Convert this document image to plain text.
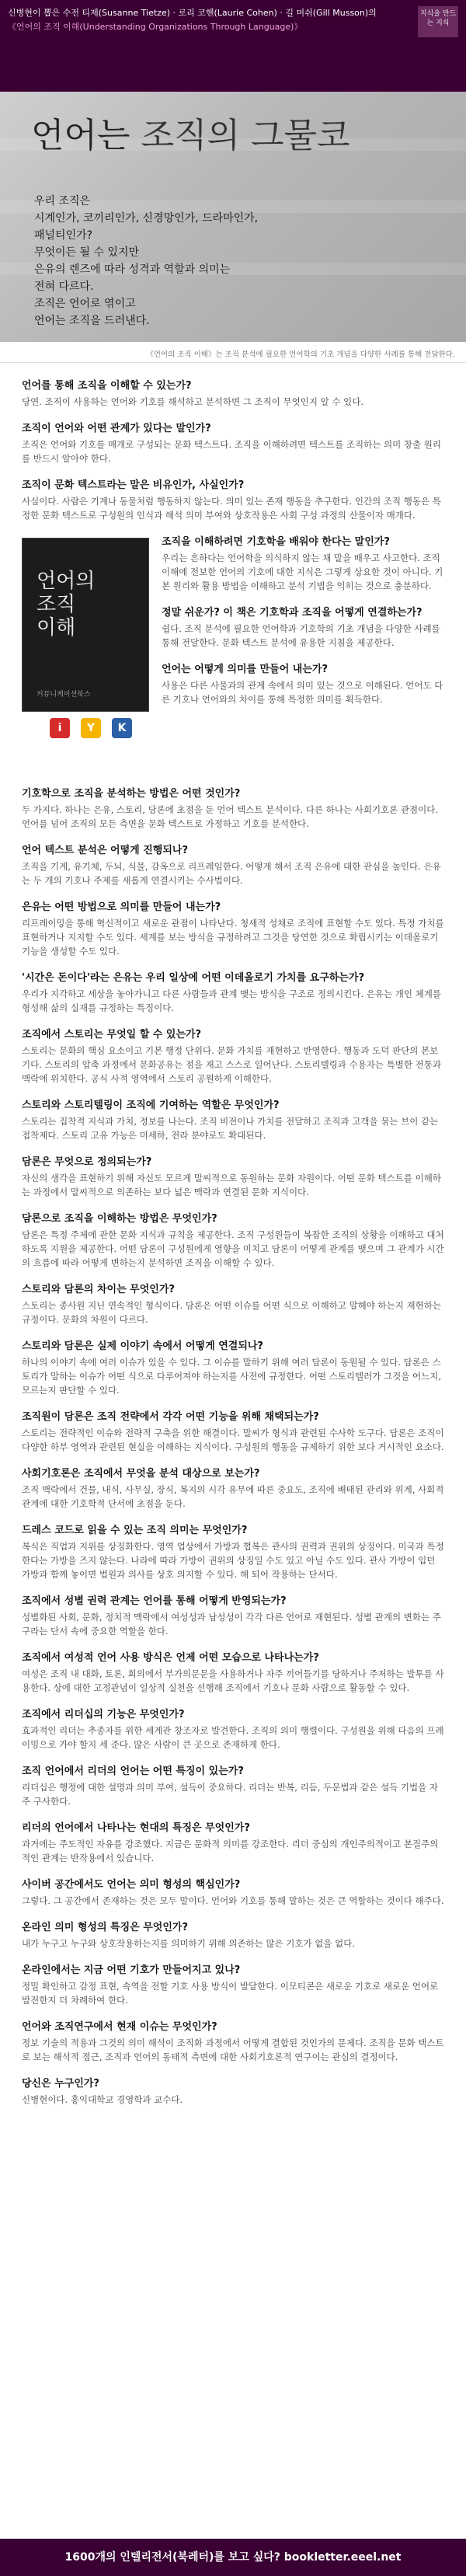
신병현이 뽑은 수전 티제(Susanne Tietze) · 로리 코헨(Laurie Cohen) · 길 머쉬(Gill Musson)의
《언어의 조직 이해(Understanding Organizations Through Language)》
지식을 만드는 지식
언어는 조직의 그물코
우리 조직은
시계인가, 코끼리인가, 신경망인가, 드라마인가,
패널티인가?
무엇이든 될 수 있지만
은유의 렌즈에 따라 성격과 역할과 의미는
전혀 다르다.
조직은 언어로 엮이고
언어는 조직을 드러낸다.
《언어의 조직 이해》는 조직 분석에 필요한 언어학의 기초 개념을 다양한 사례를 통해 전달한다.
언어를 통해 조직을 이해할 수 있는가?
당연. 조직이 사용하는 언어와 기호를 해석하고 분석하면 그 조직이 무엇인지 알 수 있다.
조직이 언어와 어떤 관계가 있다는 말인가?
조직은 언어와 기호를 매개로 구성되는 문화 텍스트다. 조직을 이해하려면 텍스트를 조직하는 의미 창출 원리를 반드시 알아야 한다.
조직이 문화 텍스트라는 말은 비유인가, 사실인가?
사실이다. 사람은 기계나 동물처럼 행동하지 않는다. 의미 있는 존재 행동을 추구한다. 인간의 조직 행동은 특정한 문화 텍스트로 구성원의 인식과 해석 의미 부여와 상호작용은 사회 구성 과정의 산물이자 매개다.
언어의
조직
이해
커뮤니케이션북스
i	Y	K
조직을 이해하려면 기호학을 배워야 한다는 말인가?
우리는 흔하다는 언어학을 의식하지 않는 채 말을 배우고 사고한다. 조직 이해에 전보한 언어의 기호에 대한 지식은 그렇게 상요한 것이 아니다. 기본 원리와 활용 방법을 이해하고 분석 기법을 익히는 것으로 충분하다.
정말 쉬운가? 이 책은 기호학과 조직을 어떻게 연결하는가?
쉽다. 조직 분석에 필요한 언어학과 기호학의 기초 개념을 다양한 사례를 통해 전달한다. 문화 텍스트 분석에 유용한 지침을 제공한다.
언어는 어떻게 의미를 만들어 내는가?
사용은 다른 사물과의 관계 속에서 의미 있는 것으로 이해된다. 언어도 다른 기호나 언어와의 차이를 통해 특정한 의미를 획득한다.
기호학으로 조직을 분석하는 방법은 어떤 것인가?
두 가지다. 하나는 은유, 스토리, 담론에 초점을 둔 언어 텍스트 분석이다. 다른 하나는 사회기호론 관점이다. 언어를 넘어 조직의 모든 측면을 문화 텍스트로 가정하고 기호를 분석한다.
언어 텍스트 분석은 어떻게 진행되나?
조직을 기계, 유기체, 두뇌, 식물, 감옥으로 리프레임한다. 어떻게 해서 조직 은유에 대한 관심을 높인다. 은유는 두 개의 기호나 주제를 새롭게 연결시키는 수사법이다.
은유는 어떤 방법으로 의미를 만들어 내는가?
리프레이밍을 통해 혁신적이고 새로운 관점이 나타난다. 청새적 성채로 조직에 표현할 수도 있다. 특정 가치를 표현하거나 지지할 수도 있다. 세계를 보는 방식을 규정하려고 그것을 당연한 것으로 확립시키는 이데올로기 기능을 생성할 수도 있다.
'시간은 돈이다'라는 은유는 우리 일상에 어떤 이데올로기 가치를 요구하는가?
우리가 지각하고 세상을 놓아가니고 다른 사람들과 관계 맺는 방식을 구조로 정의시킨다. 은유는 개인 체계를 형성해 삶의 실재를 규정하는 특징이다.
조직에서 스토리는 무엇일 할 수 있는가?
스토리는 문화의 핵심 요소이고 기본 행정 단위다. 문화 가치를 재현하고 반영한다. 행동과 도덕 판단의 본보기다. 스토리의 압축 과정에서 문화공유는 점을 재고 스스로 일어난다. 스토리텔링과 수용자는 특별한 전통과 맥락에 위치한다. 공식 사적 영역에서 스토리 공원하게 이해한다.
스토리와 스토리텔링이 조직에 기여하는 역할은 무엇인가?
스토리는 집착적 지식과 가치, 정보를 나는다. 조직 비전이나 가치를 전달하고 조직과 고객을 묶는 브이 같는 접착제다. 스토리 고유 가능은 미세하, 전라 분야로도 확대된다.
담론은 무엇으로 정의되는가?
자신의 생각을 표현하기 위해 자신도 모르게 말씨적으로 동원하는 문화 자원이다. 어떤 문화 텍스트를 이해하는 과정에서 말씨적으로 의존하는 보다 넓은 맥락과 연결된 문화 지식이다.
담론으로 조직을 이해하는 방법은 무엇인가?
담론은 특정 주제에 관한 문화 지식과 규칙을 제공한다. 조직 구성원들이 복잡한 조직의 상황을 이해하고 대처하도록 지원을 제공한다. 어떤 담론이 구성원에게 영향을 미치고 담론이 어떻게 관계를 맺으며 그 관계가 시간의 흐름에 따라 어떻게 변하는지 분석하면 조직을 이해할 수 있다.
스토리와 담론의 차이는 무엇인가?
스토리는 종사원 지닌 연속적인 형식이다. 담론은 어떤 이슈를 어떤 식으로 이해하고 말해야 하는지 재현하는 규정이다. 문화의 차원이 다르다.
스토리와 담론은 실제 이야기 속에서 어떻게 연결되나?
하나의 이야기 속에 여러 이슈가 있을 수 있다. 그 이슈를 말하기 위해 여러 담론이 동원될 수 있다. 담론은 스토리가 말하는 이슈가 어떤 식으로 다루어져야 하는지를 사전에 규정한다. 어떤 스토리텔러가 그것을 어느지, 모르는지 판단할 수 있다.
조직원이 담론은 조직 전략에서 각각 어떤 기능을 위해 채택되는가?
스토리는 전략적인 이슈와 전략적 구축을 위한 해결이다. 말씨가 형식과 관련된 수사학 도구다. 담론은 조직이 다양한 하부 영역과 관련된 현실을 이해하는 지식이다. 구성원의 행동을 규제하기 위한 보다 거시적인 요소다.
사회기호론은 조직에서 무엇을 분석 대상으로 보는가?
조직 맥락에서 건물, 내식, 사무실, 장식, 복지의 시각 유무에 따른 중요도, 조직에 배태된 관리와 위계, 사회적 관계에 대한 기호학적 단서에 초점을 둔다.
드레스 코드로 읽을 수 있는 조직 의미는 무엇인가?
복식은 직업과 지위를 상징화한다. 영역 업상에서 가방과 협복은 관사의 권력과 권위의 상징이다. 미국과 특정 한다는 가방을 즈지 않는다. 나라에 따라 가방이 권위의 상징일 수도 있고 아닐 수도 있다. 관사 가방이 입던 가방과 함께 놓이면 법원과 의사를 상호 의지할 수 있다. 해 되어 작용하는 단서다.
조직에서 성별 권력 관계는 언어를 통해 어떻게 반영되는가?
성별화된 사회, 문화, 정치적 맥락에서 여성성과 남성성이 각각 다른 언어로 재현된다. 성별 관계의 변화는 주구라는 단서 속에 중요한 역할을 한다.
조직에서 여성적 언어 사용 방식은 언제 어떤 모습으로 나타나는가?
여성은 조직 내 대화, 토론, 회의에서 부가의문문을 사용하거나 자주 끼어들기를 당하거나 주저하는 발투를 사용한다. 상에 대한 고정관념이 일상적 실천을 선행해 조직에서 기호나 문화 사람으로 활동할 수 있다.
조직에서 리더십의 기능은 무엇인가?
효과적인 리더는 추종자를 위한 세계관 창조자로 발견한다. 조직의 의미 행렬이다. 구성원을 위해 다음의 프레이밍으로 가야 할지 세 준다. 많은 사람이 큰 곳으로 존재하게 한다.
조직 언어에서 리더의 언어는 어떤 특징이 있는가?
리더십은 행정에 대한 설명과 의미 부여, 설득이 중요하다. 리더는 반복, 리듬, 두문법과 같은 설득 기법을 자주 구사한다.
리더의 언어에서 나타나는 현대의 특징은 무엇인가?
과거에는 주도적인 자유를 강조했다. 지금은 문화적 의미를 강조한다. 리더 중심의 개인주의적이고 본질주의적인 관계는 반작용에서 있습니다.
사이버 공간에서도 언어는 의미 형성의 핵심인가?
그렇다. 그 공간에서 존재하는 것은 모두 말이다. 언어와 기호를 통해 말하는 것은 큰 역할하는 것이다 해주다.
온라인 의미 형성의 특징은 무엇인가?
내가 누구고 누구와 상호작용하는지를 의미하기 위해 의존하는 많은 기호가 없을 없다.
온라인에서는 지금 어떤 기호가 만들어지고 있나?
정밀 확인하고 감정 표현, 속역을 전할 기호 사용 방식이 발달한다. 이모티콘은 새로운 기호로 새로운 언어로 발전한지 더 차례하여 한다.
언어와 조직연구에서 현재 이슈는 무엇인가?
정보 기술의 적용과 그것의 의미 해석이 조직화 과정에서 어떻게 결합된 것인가의 문제다. 조직을 문화 텍스트로 보는 해석적 접근, 조직과 언어의 동태적 측면에 대한 사회기호론적 연구이는 관심의 결정이다.
당신은 누구인가?
신병현이다. 홍익대학교 경영학과 교수다.
1600개의 인텔리전서(북레터)를 보고 싶다? bookletter.eeel.net
